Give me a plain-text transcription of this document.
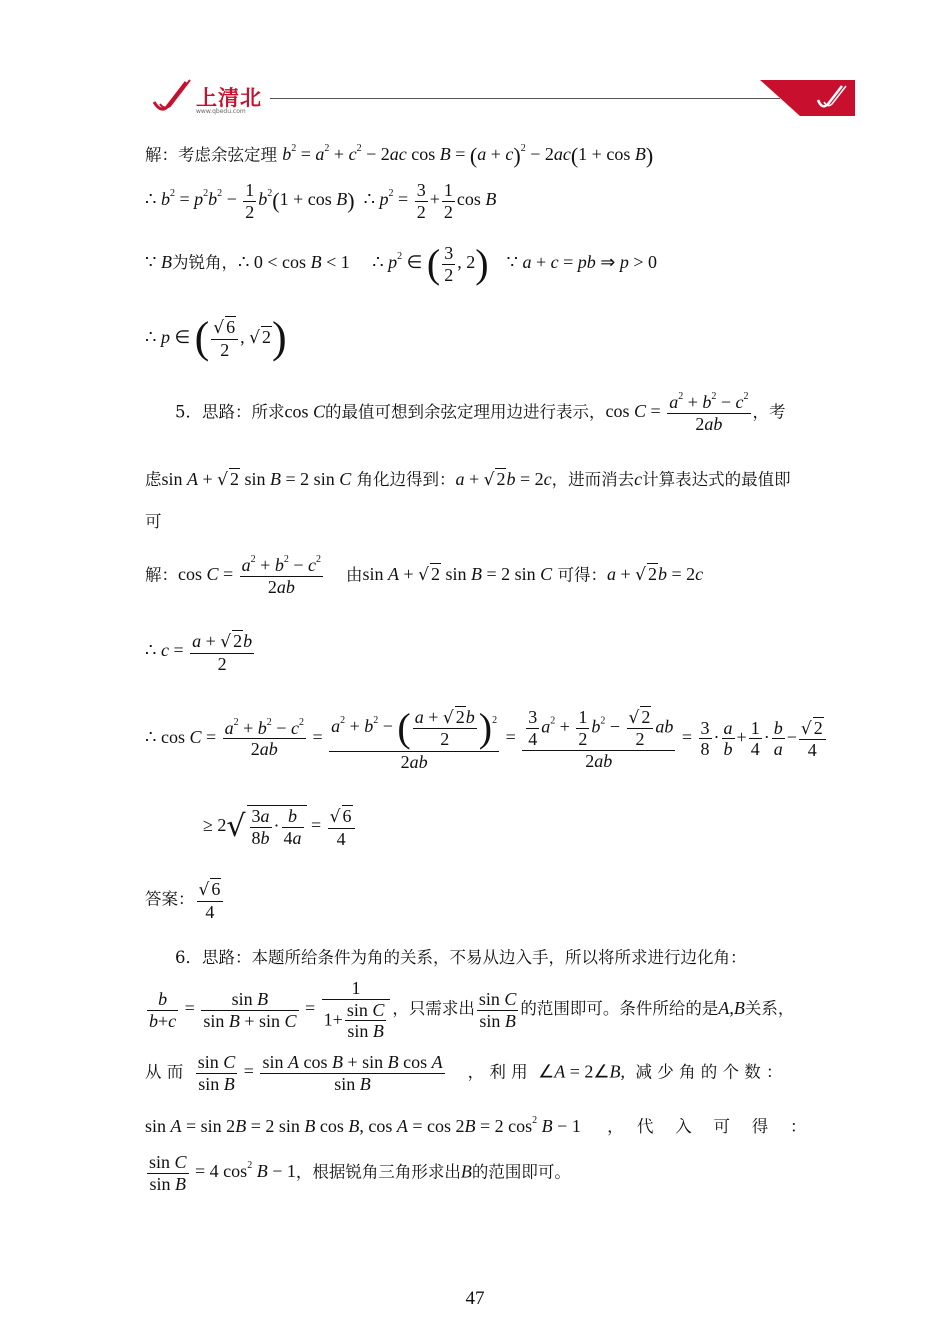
上清北
www.qbedu.com
解：考虑余弦定理 $b^2 = a^2 + c^2 - 2ac$ $\cos B = (a + c)^2 - 2ac(1 + \cos B)$
∴ $b^2 = p^2b^2 - \frac{1}{2} b^2(1 + \cos B)$  ∴ $p^2 = \frac{3}{2} + \frac{1}{2}$ cos B
∵ B为锐角，∴ 0 < cos B < 1     ∴ $p^2$ ∈ ( $\frac{3}{2}$ , 2)    ∵ a + c = pb ⇒ p > 0
∴ p ∈ ( $\frac{√ 6}{2}$ , √ 2)
5．思路：所求cos C的最值可想到余弦定理用边进行表示，$\cos C = \frac{a^2 + b^2 - c^2}{2ab}$ ，考
虑sin A + √ 2 sin B = 2 sin C 角化边得到：a + √ 2b = 2c，进而消去c计算表达式的最值即
可
解：$\cos C = \frac{a^2 + b^2 - c^2}{2ab}$ 由sin A + √ 2 sin B = 2 sin C 可得：a + √ 2b = 2c
∴ $c = \frac{a + √ 2b}{2}$
∴ $\cos C = \frac{a^2 + b^2 - c^2}{2ab} = \frac{a^2 + b^2 - ( \frac{a + √ 2b}{2} )^2}{2ab} = \frac{\frac{3}{4} a^2 + \frac{1}{2} b^2 - \frac{√ 2}{2} ab}{2ab} = \frac{3}{8} \cdot \frac{a}{b} + \frac{1}{4} \cdot \frac{b}{a} - \frac{√ 2}{4}$
≥ $2√ \frac{3a}{8b} \cdot \frac{b}{4a} = \frac{√ 6}{4}$
答案： $\frac{√ 6}{4}$
6．思路：本题所给条件为角的关系，不易从边入手，所以将所求进行边化角：
$\frac{b}{b+c} = \frac{\text{sin B}}{\text{sin B + sin C}} = \frac{1}{1+ \frac{\text{sin C}}{\text{sin B}}}$ ，只需求出 $\frac{\text{sin C}}{\text{sin B}}$ 的范围即可。条件所给的是A,B关系，
从 而 $\frac{\text{sin C}}{\text{sin B}} = \frac{\text{sin A cos B + sin B cos A}}{\text{sin B}}$ ， 利 用 ∠A = 2∠B, 减 少 角 的 个 数 ：
sin A = sin 2B = 2 sin B cos B, cos A = cos 2B = 2 $\cos^2 B - 1$ ，　 代　 入　 可　 得　 ：
$\frac{\text{sin C}}{\text{sin B}} = 4$ $\cos^2 B - 1$，根据锐角三角形求出B的范围即可。
47
